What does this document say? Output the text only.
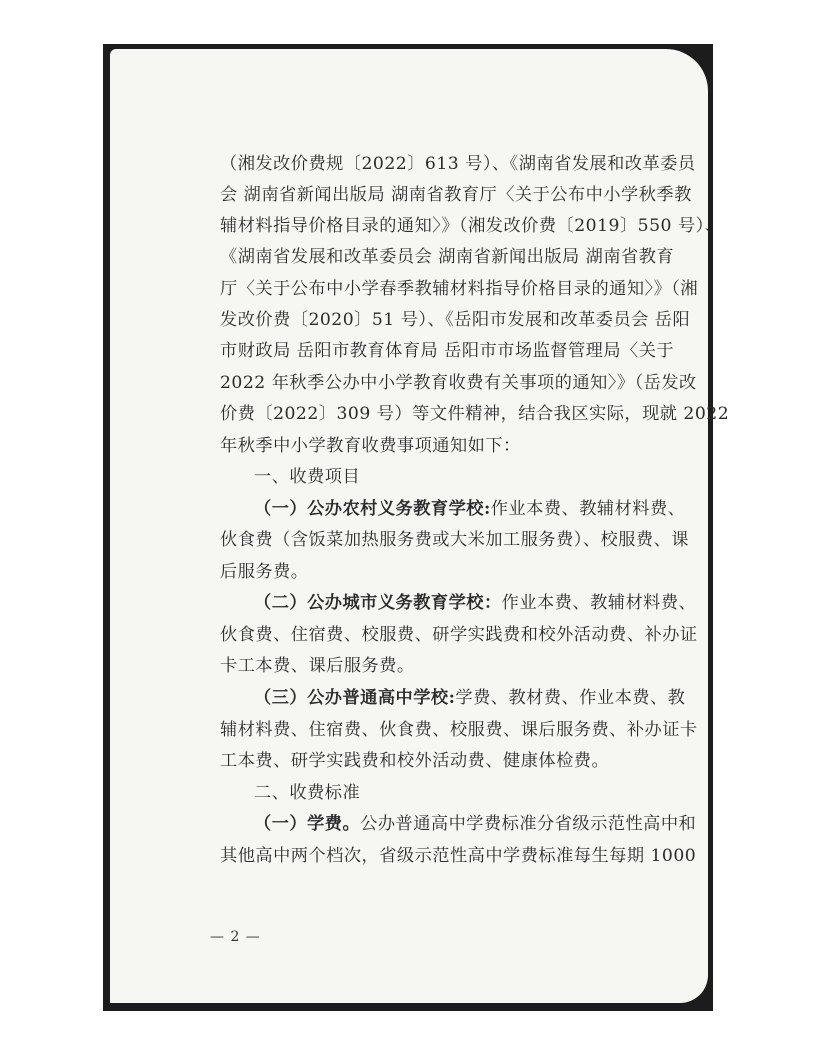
（湘发改价费规〔2022〕613 号）、《湖南省发展和改革委员
会 湖南省新闻出版局 湖南省教育厅〈关于公布中小学秋季教
辅材料指导价格目录的通知〉》（湘发改价费〔2019〕550 号）、
《湖南省发展和改革委员会 湖南省新闻出版局 湖南省教育
厅〈关于公布中小学春季教辅材料指导价格目录的通知〉》（湘
发改价费〔2020〕51 号）、《岳阳市发展和改革委员会 岳阳
市财政局 岳阳市教育体育局 岳阳市市场监督管理局〈关于
2022 年秋季公办中小学教育收费有关事项的通知〉》（岳发改
价费〔2022〕309 号）等文件精神，结合我区实际，现就 2022
年秋季中小学教育收费事项通知如下：
一、收费项目
（一）公办农村义务教育学校:作业本费、教辅材料费、
伙食费（含饭菜加热服务费或大米加工服务费）、校服费、课
后服务费。
（二）公办城市义务教育学校：作业本费、教辅材料费、
伙食费、住宿费、校服费、研学实践费和校外活动费、补办证
卡工本费、课后服务费。
（三）公办普通高中学校:学费、教材费、作业本费、教
辅材料费、住宿费、伙食费、校服费、课后服务费、补办证卡
工本费、研学实践费和校外活动费、健康体检费。
二、收费标准
（一）学费。公办普通高中学费标准分省级示范性高中和
其他高中两个档次，省级示范性高中学费标准每生每期 1000
— 2 —
